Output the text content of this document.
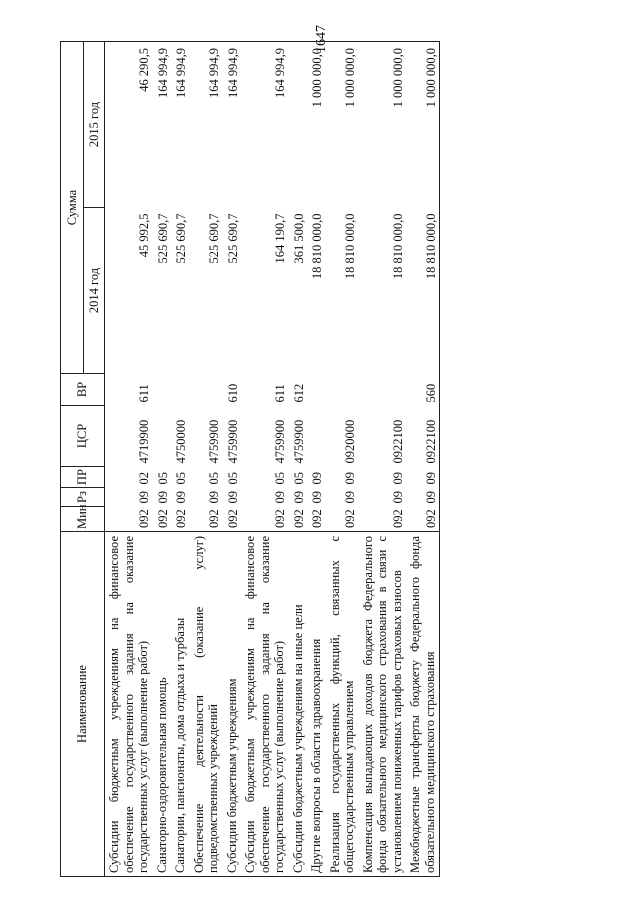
1647
Наименование	Мин	Рз	ПР	ЦСР	ВР	Сумма	
						2014 год	2015 год
Субсидии бюджетным учреждениям на финансовое обеспечение государственного задания на оказание государственных услуг (выполнение работ)	092	09	02	4719900	611	45 992,5	46 290,5
Санаторно-оздоровительная помощь	092	09	05			525 690,7	164 994,9
Санатории, пансионаты, дома отдыха и турбазы	092	09	05	4750000		525 690,7	164 994,9
Обеспечение деятельности (оказание услуг) подведомственных учреждений	092	09	05	4759900		525 690,7	164 994,9
Субсидии бюджетным учреждениям	092	09	05	4759900	610	525 690,7	164 994,9
Субсидии бюджетным учреждениям на финансовое обеспечение государственного задания на оказание государственных услуг (выполнение работ)	092	09	05	4759900	611	164 190,7	164 994,9
Субсидии бюджетным учреждениям на иные цели	092	09	05	4759900	612	361 500,0	
Другие вопросы в области здравоохранения	092	09	09			18 810 000,0	1 000 000,0
Реализация государственных функций, связанных с общегосударственным управлением	092	09	09	0920000		18 810 000,0	1 000 000,0
Компенсация выпадающих доходов бюджета Федерального фонда обязательного медицинского страхования в связи с установлением пониженных тарифов страховых взносов	092	09	09	0922100		18 810 000,0	1 000 000,0
Межбюджетные трансферты бюджету Федерального фонда обязательного медицинского страхования	092	09	09	0922100	560	18 810 000,0	1 000 000,0
